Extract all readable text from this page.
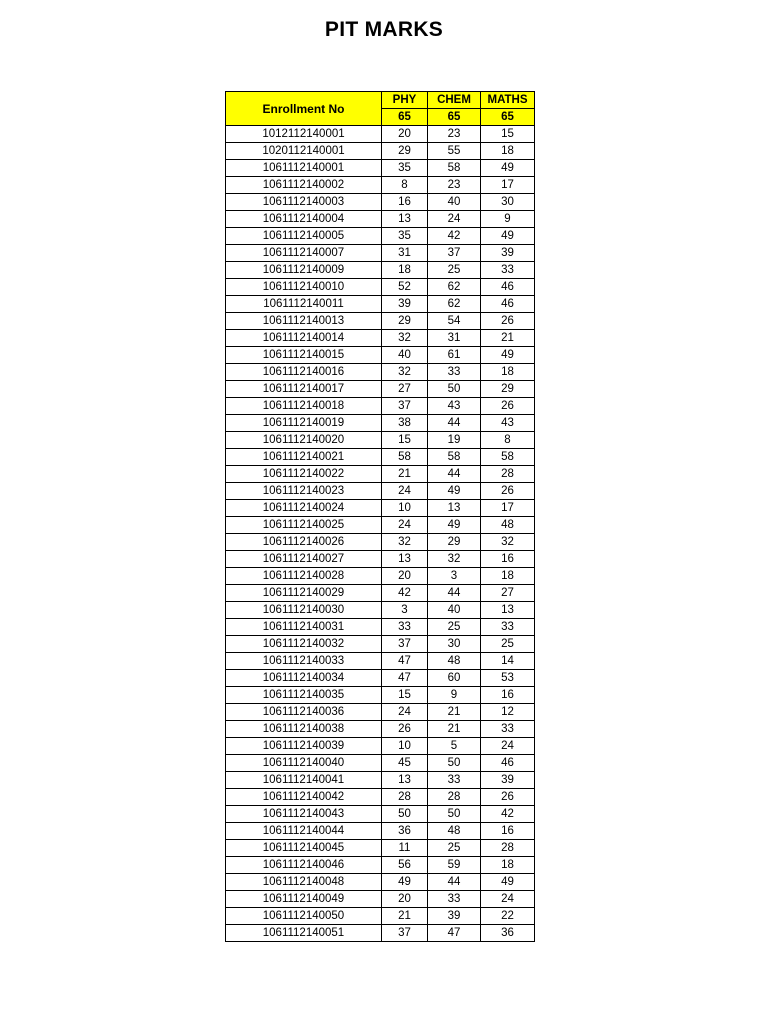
PIT MARKS
Enrollment No	PHY	CHEM	MATHS
	65	65	65
1012112140001	20	23	15
1020112140001	29	55	18
1061112140001	35	58	49
1061112140002	8	23	17
1061112140003	16	40	30
1061112140004	13	24	9
1061112140005	35	42	49
1061112140007	31	37	39
1061112140009	18	25	33
1061112140010	52	62	46
1061112140011	39	62	46
1061112140013	29	54	26
1061112140014	32	31	21
1061112140015	40	61	49
1061112140016	32	33	18
1061112140017	27	50	29
1061112140018	37	43	26
1061112140019	38	44	43
1061112140020	15	19	8
1061112140021	58	58	58
1061112140022	21	44	28
1061112140023	24	49	26
1061112140024	10	13	17
1061112140025	24	49	48
1061112140026	32	29	32
1061112140027	13	32	16
1061112140028	20	3	18
1061112140029	42	44	27
1061112140030	3	40	13
1061112140031	33	25	33
1061112140032	37	30	25
1061112140033	47	48	14
1061112140034	47	60	53
1061112140035	15	9	16
1061112140036	24	21	12
1061112140038	26	21	33
1061112140039	10	5	24
1061112140040	45	50	46
1061112140041	13	33	39
1061112140042	28	28	26
1061112140043	50	50	42
1061112140044	36	48	16
1061112140045	11	25	28
1061112140046	56	59	18
1061112140048	49	44	49
1061112140049	20	33	24
1061112140050	21	39	22
1061112140051	37	47	36
